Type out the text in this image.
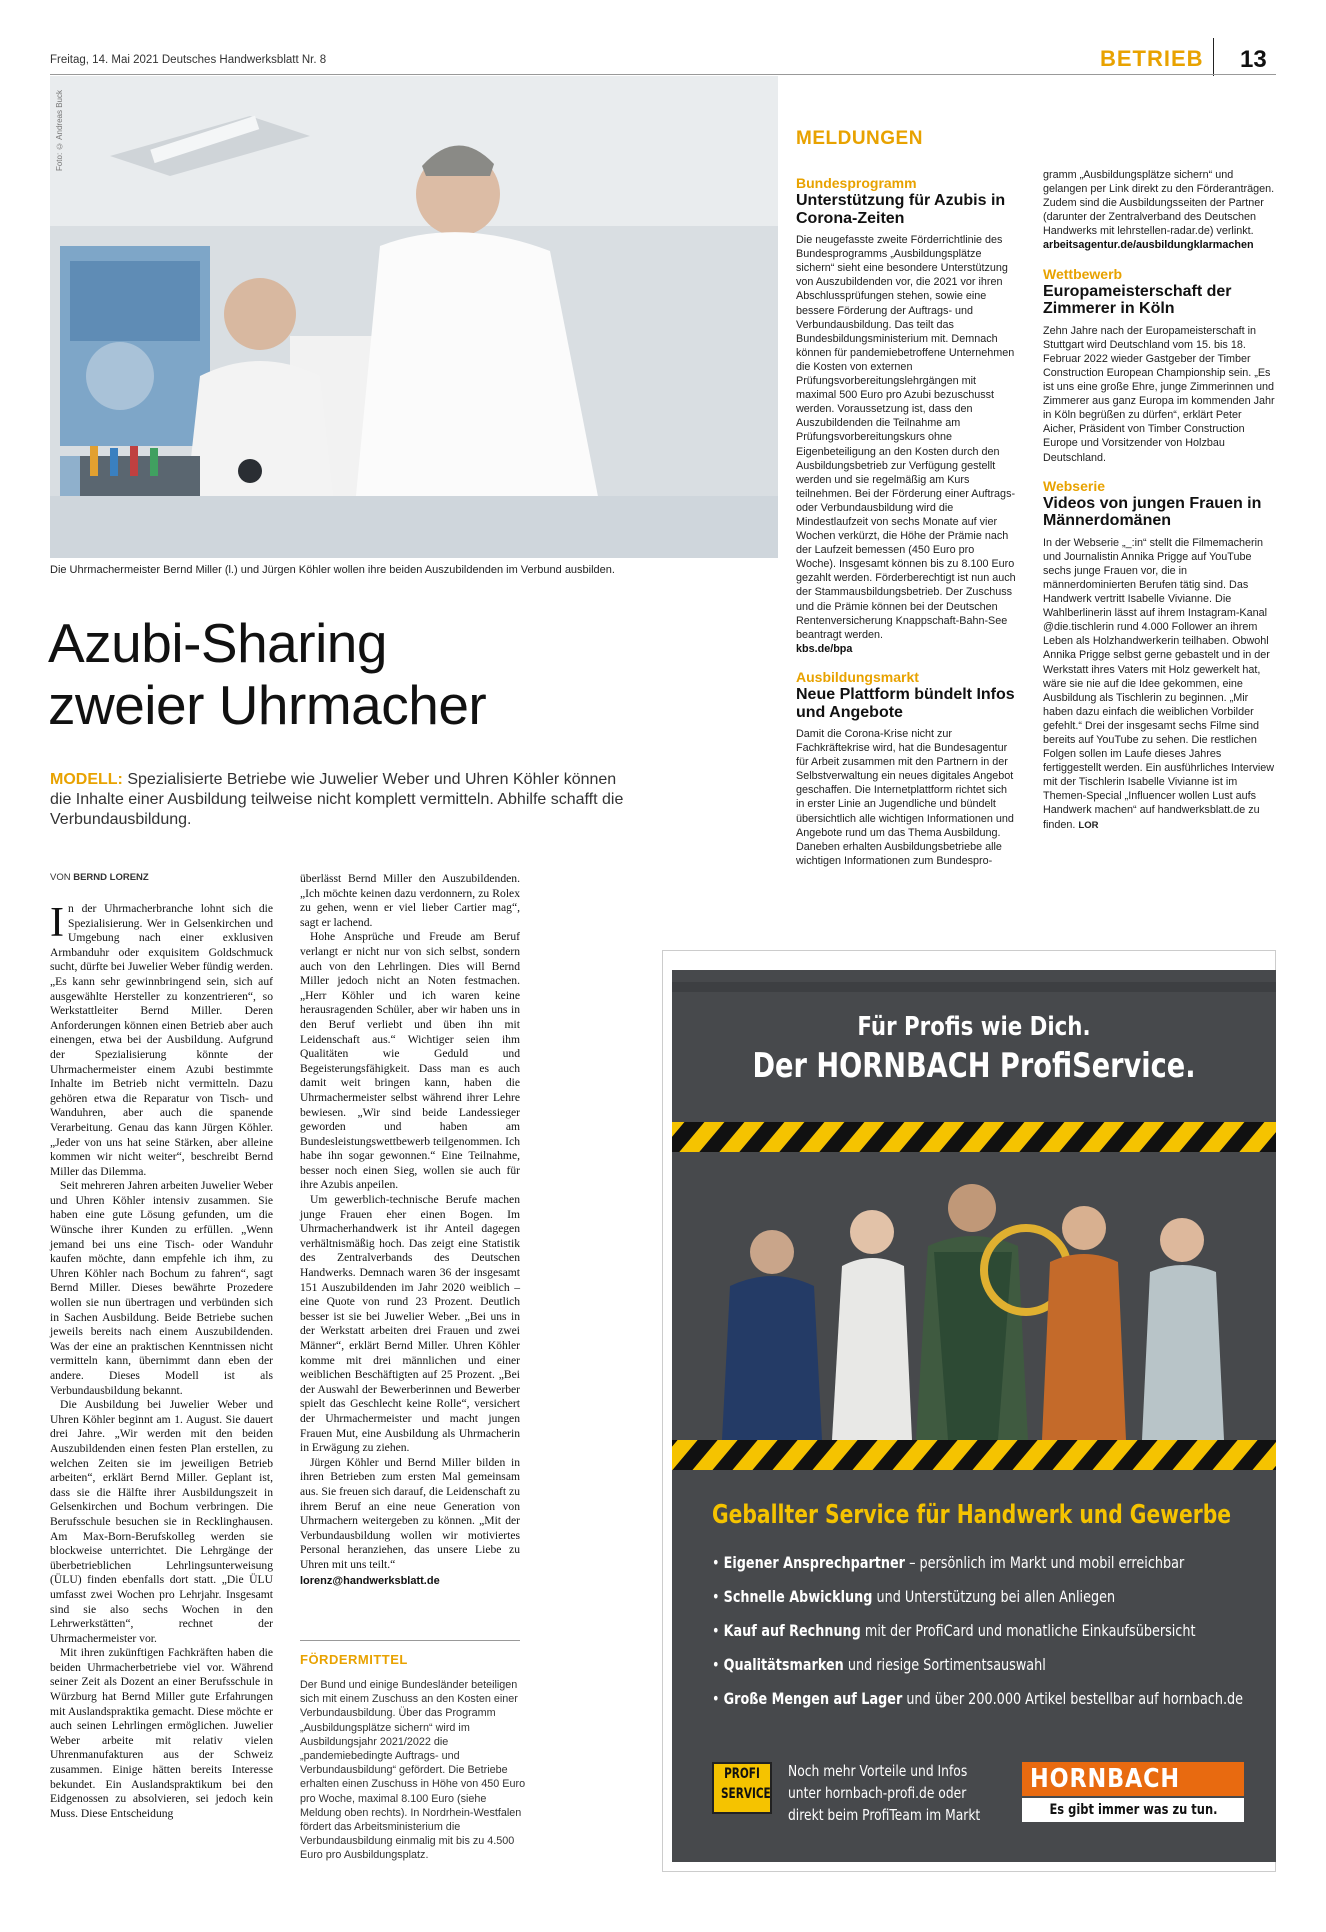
Freitag, 14. Mai 2021 Deutsches Handwerksblatt Nr. 8	BETRIEB 13
Foto: © Andreas Buck
Die Uhrmachermeister Bernd Miller (l.) und Jürgen Köhler wollen ihre beiden Auszubildenden im Verbund ausbilden.
Azubi-Sharing
zweier Uhrmacher
MODELL: Spezialisierte Betriebe wie Juwelier Weber und Uhren Köhler können die Inhalte einer Ausbildung teilweise nicht komplett vermitteln. Abhilfe schafft die Verbundausbildung.
VON BERND LORENZ

In der Uhrmacherbranche lohnt sich die Spezialisierung. Wer in Gelsenkirchen und Umgebung nach einer exklusiven Armbanduhr oder exquisitem Goldschmuck sucht, dürfte bei Juwelier Weber fündig werden. „Es kann sehr gewinnbringend sein, sich auf ausgewählte Hersteller zu konzentrieren“, so Werkstattleiter Bernd Miller. Deren Anforderungen können einen Betrieb aber auch einengen, etwa bei der Ausbildung. Aufgrund der Spezialisierung könnte der Uhrmachermeister einem Azubi bestimmte Inhalte im Betrieb nicht vermitteln. Dazu gehören etwa die Reparatur von Tisch- und Wanduhren, aber auch die spanende Verarbeitung. Genau das kann Jürgen Köhler. „Jeder von uns hat seine Stärken, aber alleine kommen wir nicht weiter“, beschreibt Bernd Miller das Dilemma.

Seit mehreren Jahren arbeiten Juwelier Weber und Uhren Köhler intensiv zusammen. Sie haben eine gute Lösung gefunden, um die Wünsche ihrer Kunden zu erfüllen. „Wenn jemand bei uns eine Tisch- oder Wanduhr kaufen möchte, dann empfehle ich ihm, zu Uhren Köhler nach Bochum zu fahren“, sagt Bernd Miller. Dieses bewährte Prozedere wollen sie nun übertragen und verbünden sich in Sachen Ausbildung. Beide Betriebe suchen jeweils bereits nach einem Auszubildenden. Was der eine an praktischen Kenntnissen nicht vermitteln kann, übernimmt dann eben der andere. Dieses Modell ist als Verbundausbildung bekannt.

Die Ausbildung bei Juwelier Weber und Uhren Köhler beginnt am 1. August. Sie dauert drei Jahre. „Wir werden mit den beiden Auszubildenden einen festen Plan erstellen, zu welchen Zeiten sie im jeweiligen Betrieb arbeiten“, erklärt Bernd Miller. Geplant ist, dass sie die Hälfte ihrer Ausbildungszeit in Gelsenkirchen und Bochum verbringen. Die Berufsschule besuchen sie in Recklinghausen. Am Max-Born-Berufskolleg werden sie blockweise unterrichtet. Die Lehrgänge der überbetrieblichen Lehrlingsunterweisung (ÜLU) finden ebenfalls dort statt. „Die ÜLU umfasst zwei Wochen pro Lehrjahr. Insgesamt sind sie also sechs Wochen in den Lehrwerkstätten“, rechnet der Uhrmachermeister vor.

Mit ihren zukünftigen Fachkräften haben die beiden Uhrmacherbetriebe viel vor. Während seiner Zeit als Dozent an einer Berufsschule in Würzburg hat Bernd Miller gute Erfahrungen mit Auslandspraktika gemacht. Diese möchte er auch seinen Lehrlingen ermöglichen. Juwelier Weber arbeite mit relativ vielen Uhrenmanufakturen aus der Schweiz zusammen. Einige hätten bereits Interesse bekundet. Ein Auslandspraktikum bei den Eidgenossen zu absolvieren, sei jedoch kein Muss. Diese Entscheidung

überlässt Bernd Miller den Auszubildenden. „Ich möchte keinen dazu verdonnern, zu Rolex zu gehen, wenn er viel lieber Cartier mag“, sagt er lachend.

Hohe Ansprüche und Freude am Beruf verlangt er nicht nur von sich selbst, sondern auch von den Lehrlingen. Dies will Bernd Miller jedoch nicht an Noten festmachen. „Herr Köhler und ich waren keine herausragenden Schüler, aber wir haben uns in den Beruf verliebt und üben ihn mit Leidenschaft aus.“ Wichtiger seien ihm Qualitäten wie Geduld und Begeisterungsfähigkeit. Dass man es auch damit weit bringen kann, haben die Uhrmachermeister selbst während ihrer Lehre bewiesen. „Wir sind beide Landessieger geworden und haben am Bundesleistungswettbewerb teilgenommen. Ich habe ihn sogar gewonnen.“ Eine Teilnahme, besser noch einen Sieg, wollen sie auch für ihre Azubis anpeilen.

Um gewerblich-technische Berufe machen junge Frauen eher einen Bogen. Im Uhrmacherhandwerk ist ihr Anteil dagegen verhältnismäßig hoch. Das zeigt eine Statistik des Zentralverbands des Deutschen Handwerks. Demnach waren 36 der insgesamt 151 Auszubildenden im Jahr 2020 weiblich – eine Quote von rund 23 Prozent. Deutlich besser ist sie bei Juwelier Weber. „Bei uns in der Werkstatt arbeiten drei Frauen und zwei Männer“, erklärt Bernd Miller. Uhren Köhler komme mit drei männlichen und einer weiblichen Beschäftigten auf 25 Prozent. „Bei der Auswahl der Bewerberinnen und Bewerber spielt das Geschlecht keine Rolle“, versichert der Uhrmachermeister und macht jungen Frauen Mut, eine Ausbildung als Uhrmacherin in Erwägung zu ziehen.

Jürgen Köhler und Bernd Miller bilden in ihren Betrieben zum ersten Mal gemeinsam aus. Sie freuen sich darauf, die Leidenschaft zu ihrem Beruf an eine neue Generation von Uhrmachern weitergeben zu können. „Mit der Verbundausbildung wollen wir motiviertes Personal heranziehen, das unsere Liebe zu Uhren mit uns teilt.“

lorenz@handwerksblatt.de
FÖRDERMITTEL
Der Bund und einige Bundesländer beteiligen sich mit einem Zuschuss an den Kosten einer Verbundausbildung. Über das Programm „Ausbildungsplätze sichern“ wird im Ausbildungsjahr 2021/2022 die „pandemiebedingte Auftrags- und Verbundausbildung“ gefördert. Die Betriebe erhalten einen Zuschuss in Höhe von 450 Euro pro Woche, maximal 8.100 Euro (siehe Meldung oben rechts). In Nordrhein-Westfalen fördert das Arbeitsministerium die Verbundausbildung einmalig mit bis zu 4.500 Euro pro Ausbildungsplatz.
MELDUNGEN
Bundesprogramm
Unterstützung für Azubis in Corona-Zeiten

Die neugefasste zweite Förderrichtlinie des Bundesprogramms „Ausbildungsplätze sichern“ sieht eine besondere Unterstützung von Auszubildenden vor, die 2021 vor ihren Abschlussprüfungen stehen, sowie eine bessere Förderung der Auftrags- und Verbundausbildung. Das teilt das Bundesbildungsministerium mit. Demnach können für pandemiebetroffene Unternehmen die Kosten von externen Prüfungsvorbereitungslehrgängen mit maximal 500 Euro pro Azubi bezuschusst werden. Voraussetzung ist, dass den Auszubildenden die Teilnahme am Prüfungsvorbereitungskurs ohne Eigenbeteiligung an den Kosten durch den Ausbildungsbetrieb zur Verfügung gestellt werden und sie regelmäßig am Kurs teilnehmen. Bei der Förderung einer Auftrags- oder Verbundausbildung wird die Mindestlaufzeit von sechs Monate auf vier Wochen verkürzt, die Höhe der Prämie nach der Laufzeit bemessen (450 Euro pro Woche). Insgesamt können bis zu 8.100 Euro gezahlt werden. Förderberechtigt ist nun auch der Stammausbildungsbetrieb. Der Zuschuss und die Prämie können bei der Deutschen Rentenversicherung Knappschaft-Bahn-See beantragt werden.

kbs.de/bpa

Ausbildungsmarkt
Neue Plattform bündelt Infos und Angebote

Damit die Corona-Krise nicht zur Fachkräftekrise wird, hat die Bundesagentur für Arbeit zusammen mit den Partnern in der Selbstverwaltung ein neues digitales Angebot geschaffen. Die Internetplattform richtet sich in erster Linie an Jugendliche und bündelt übersichtlich alle wichtigen Informationen und Angebote rund um das Thema Ausbildung. Daneben erhalten Ausbildungsbetriebe alle wichtigen Informationen zum Bundespro-

gramm „Ausbildungsplätze sichern“ und gelangen per Link direkt zu den Förderanträgen. Zudem sind die Ausbildungsseiten der Partner (darunter der Zentralverband des Deutschen Handwerks mit lehrstellen-radar.de) verlinkt.

arbeitsagentur.de/ausbildungklarmachen

Wettbewerb
Europameisterschaft der Zimmerer in Köln

Zehn Jahre nach der Europameisterschaft in Stuttgart wird Deutschland vom 15. bis 18. Februar 2022 wieder Gastgeber der Timber Construction European Championship sein. „Es ist uns eine große Ehre, junge Zimmerinnen und Zimmerer aus ganz Europa im kommenden Jahr in Köln begrüßen zu dürfen“, erklärt Peter Aicher, Präsident von Timber Construction Europe und Vorsitzender von Holzbau Deutschland.

Webserie
Videos von jungen Frauen in Männerdomänen

In der Webserie „_:in“ stellt die Filmemacherin und Journalistin Annika Prigge auf YouTube sechs junge Frauen vor, die in männerdominierten Berufen tätig sind. Das Handwerk vertritt Isabelle Vivianne. Die Wahlberlinerin lässt auf ihrem Instagram-Kanal @die.tischlerin rund 4.000 Follower an ihrem Leben als Holzhandwerkerin teilhaben. Obwohl Annika Prigge selbst gerne gebastelt und in der Werkstatt ihres Vaters mit Holz gewerkelt hat, wäre sie nie auf die Idee gekommen, eine Ausbildung als Tischlerin zu beginnen. „Mir haben dazu einfach die weiblichen Vorbilder gefehlt.“ Drei der insgesamt sechs Filme sind bereits auf YouTube zu sehen. Die restlichen Folgen sollen im Laufe dieses Jahres fertiggestellt werden. Ein ausführliches Interview mit der Tischlerin Isabelle Vivianne ist im Themen-Special „Influencer wollen Lust aufs Handwerk machen“ auf handwerksblatt.de zu finden. LOR

Für Profis wie Dich.
Der HORNBACH ProfiService.
Geballter Service für Handwerk und Gewerbe
• Eigener Ansprechpartner – persönlich im Markt und mobil erreichbar
• Schnelle Abwicklung und Unterstützung bei allen Anliegen
• Kauf auf Rechnung mit der ProfiCard und monatliche Einkaufsübersicht
• Qualitätsmarken und riesige Sortimentsauswahl
• Große Mengen auf Lager und über 200.000 Artikel bestellbar auf hornbach.de
PROFI
SERVICE
Noch mehr Vorteile und Infos
unter hornbach-profi.de oder
direkt beim ProfiTeam im Markt
HORNBACH
Es gibt immer was zu tun.
